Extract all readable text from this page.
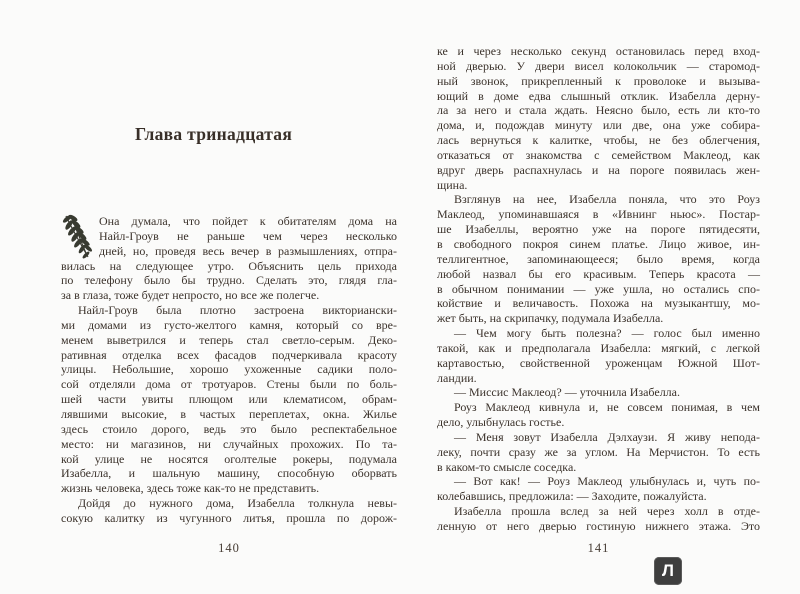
Глава тринадцатая
Она думала, что пойдет к обитателям дома на
Найл-Гроув не раньше чем через несколько
дней, но, проведя весь вечер в размышлениях, отпра-
вилась на следующее утро. Объяснить цель прихода
по телефону было бы трудно. Сделать это, глядя гла-
за в глаза, тоже будет непросто, но все же полегче.
Найл-Гроув была плотно застроена викториански-
ми домами из густо-желтого камня, который со вре-
менем выветрился и теперь стал светло-серым. Деко-
ративная отделка всех фасадов подчеркивала красоту
улицы. Небольшие, хорошо ухоженные садики поло-
сой отделяли дома от тротуаров. Стены были по боль-
шей части увиты плющом или клематисом, обрам-
лявшими высокие, в частых переплетах, окна. Жилье
здесь стоило дорого, ведь это было респектабельное
место: ни магазинов, ни случайных прохожих. По та-
кой улице не носятся оголтелые рокеры, подумала
Изабелла, и шальную машину, способную оборвать
жизнь человека, здесь тоже как-то не представить.
Дойдя до нужного дома, Изабелла толкнула невы-
сокую калитку из чугунного литья, прошла по дорож-
140
ке и через несколько секунд остановилась перед вход-
ной дверью. У двери висел колокольчик — старомод-
ный звонок, прикрепленный к проволоке и вызыва-
ющий в доме едва слышный отклик. Изабелла дерну-
ла за него и стала ждать. Неясно было, есть ли кто-то
дома, и, подождав минуту или две, она уже собира-
лась вернуться к калитке, чтобы, не без облегчения,
отказаться от знакомства с семейством Маклеод, как
вдруг дверь распахнулась и на пороге появилась жен-
щина.
Взглянув на нее, Изабелла поняла, что это Роуз
Маклеод, упоминавшаяся в «Ивнинг ньюс». Постар-
ше Изабеллы, вероятно уже на пороге пятидесяти,
в свободного покроя синем платье. Лицо живое, ин-
теллигентное, запоминающееся; было время, когда
любой назвал бы его красивым. Теперь красота —
в обычном понимании — уже ушла, но остались спо-
койствие и величавость. Похожа на музыкантшу, мо-
жет быть, на скрипачку, подумала Изабелла.
— Чем могу быть полезна? — голос был именно
такой, как и предполагала Изабелла: мягкий, с легкой
картавостью, свойственной уроженцам Южной Шот-
ландии.
— Миссис Маклеод? — уточнила Изабелла.
Роуз Маклеод кивнула и, не совсем понимая, в чем
дело, улыбнулась гостье.
— Меня зовут Изабелла Дэлхаузи. Я живу непода-
леку, почти сразу же за углом. На Мерчистон. То есть
в каком-то смысле соседка.
— Вот как! — Роуз Маклеод улыбнулась и, чуть по-
колебавшись, предложила: — Заходите, пожалуйста.
Изабелла прошла вслед за ней через холл в отде-
ленную от него дверью гостиную нижнего этажа. Это
141
Л
